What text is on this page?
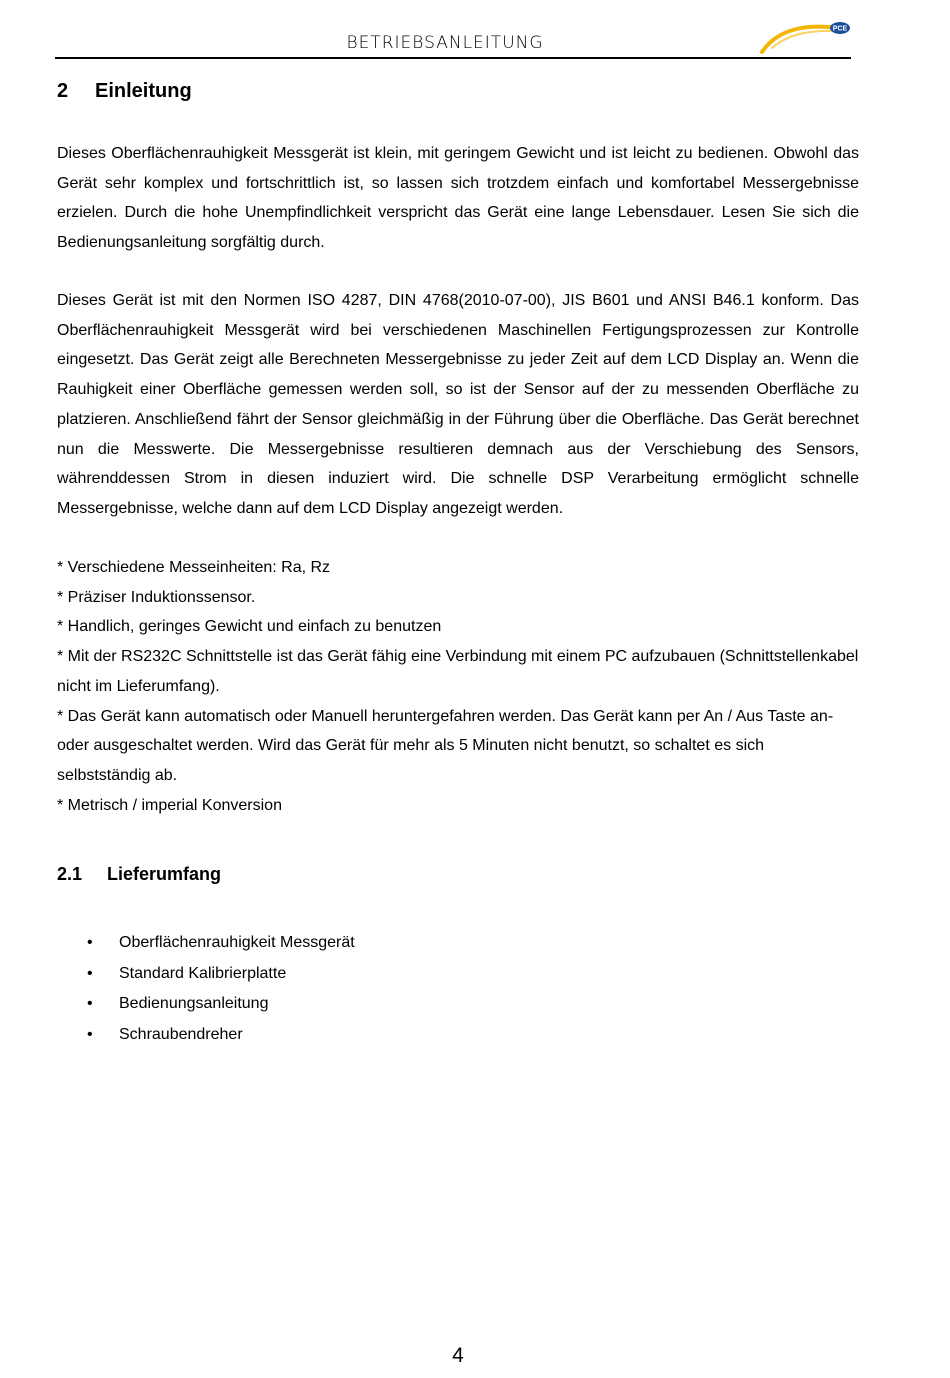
BETRIEBSANLEITUNG
PCE
2 Einleitung

Dieses Oberflächenrauhigkeit Messgerät ist klein, mit geringem Gewicht und ist leicht zu bedienen. Obwohl das Gerät sehr komplex und fortschrittlich ist, so lassen sich trotzdem einfach und komfortabel Messergebnisse erzielen. Durch die hohe Unempfindlichkeit verspricht das Gerät eine lange Lebensdauer. Lesen Sie sich die Bedienungsanleitung sorgfältig durch.

Dieses Gerät ist mit den Normen ISO 4287, DIN 4768(2010-07-00), JIS B601 und ANSI B46.1 konform. Das Oberflächenrauhigkeit Messgerät wird bei verschiedenen Maschinellen Fertigungsprozessen zur Kontrolle eingesetzt. Das Gerät zeigt alle Berechneten Messergebnisse zu jeder Zeit auf dem LCD Display an. Wenn die Rauhigkeit einer Oberfläche gemessen werden soll, so ist der Sensor auf der zu messenden Oberfläche zu platzieren. Anschließend fährt der Sensor gleichmäßig in der Führung über die Oberfläche. Das Gerät berechnet nun die Messwerte. Die Messergebnisse resultieren demnach aus der Verschiebung des Sensors, währenddessen Strom in diesen induziert wird. Die schnelle DSP Verarbeitung ermöglicht schnelle Messergebnisse, welche dann auf dem LCD Display angezeigt werden.

* Verschiedene Messeinheiten: Ra, Rz
* Präziser Induktionssensor.
* Handlich, geringes Gewicht und einfach zu benutzen
* Mit der RS232C Schnittstelle ist das Gerät fähig eine Verbindung mit einem PC aufzubauen (Schnittstellenkabel nicht im Lieferumfang).
* Das Gerät kann automatisch oder Manuell heruntergefahren werden. Das Gerät kann per An / Aus Taste an- oder ausgeschaltet werden. Wird das Gerät für mehr als 5 Minuten nicht benutzt, so schaltet es sich selbstständig ab.
* Metrisch / imperial Konversion
2.1 Lieferumfang
•	Oberflächenrauhigkeit Messgerät
•	Standard Kalibrierplatte
•	Bedienungsanleitung
•	Schraubendreher
4
